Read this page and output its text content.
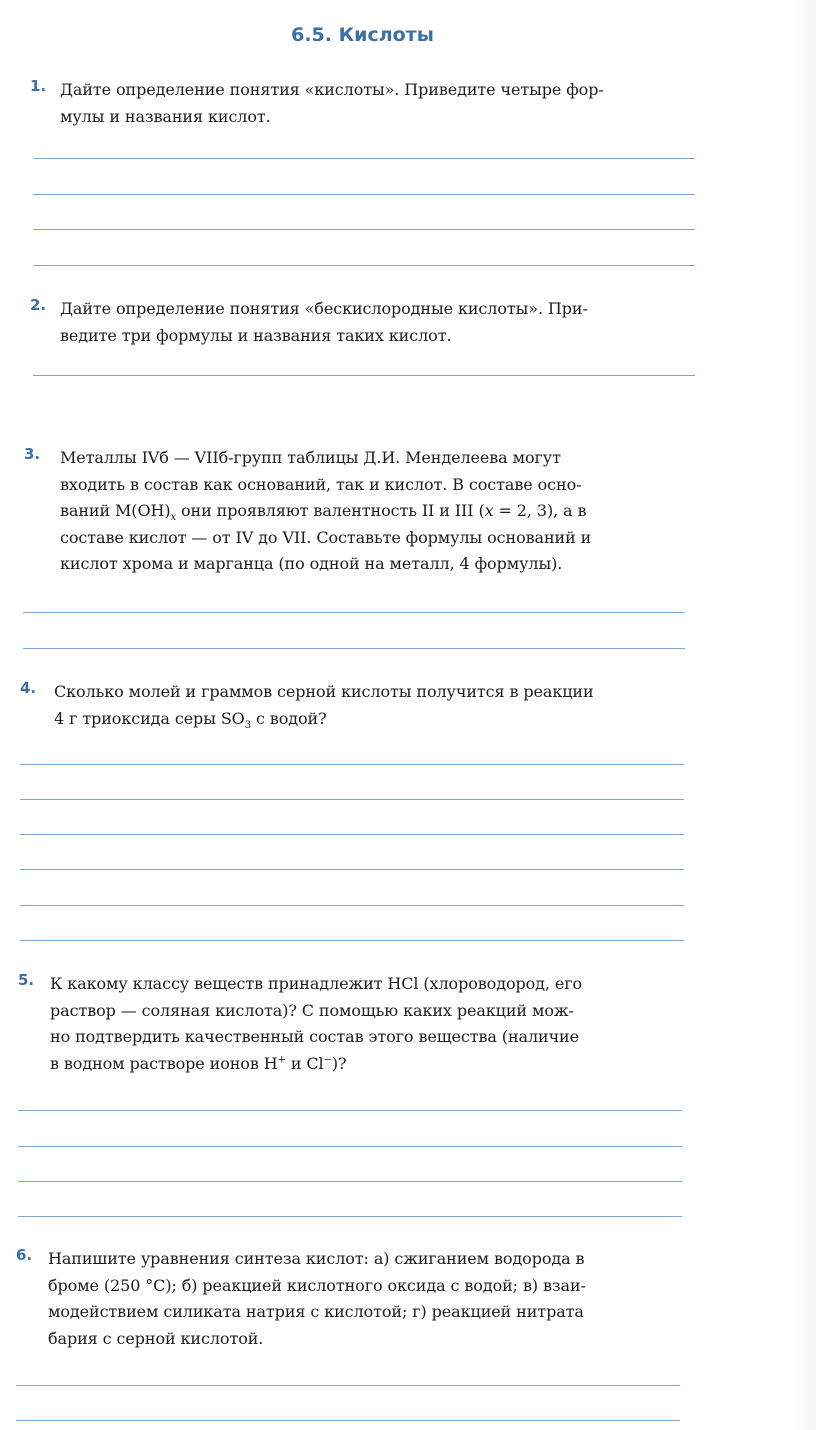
6.5. Кислоты
1. Дайте определение понятия «кислоты». Приведите четыре фор-
мулы и названия кислот.
2. Дайте определение понятия «бескислородные кислоты». При-
ведите три формулы и названия таких кислот.
3. Металлы IVб — VIIб-групп таблицы Д.И. Менделеева могут
входить в состав как оснований, так и кислот. В составе осно-
ваний $M(OH)_x$ они проявляют валентность II и III (x = 2, 3), а в
составе кислот — от IV до VII. Составьте формулы оснований и
кислот хрома и марганца (по одной на металл, 4 формулы).
4. Сколько молей и граммов серной кислоты получится в реакции
4 г триоксида серы $SO_3$ с водой?
5. К какому классу веществ принадлежит HCl (хлороводород, его
раствор — соляная кислота)? С помощью каких реакций мож-
но подтвердить качественный состав этого вещества (наличие
в водном растворе ионов H+ и Cl−)?
6. Напишите уравнения синтеза кислот: а) сжиганием водорода в
броме (250 °C); б) реакцией кислотного оксида с водой; в) взаи-
модействием силиката натрия с кислотой; г) реакцией нитрата
бария с серной кислотой.
